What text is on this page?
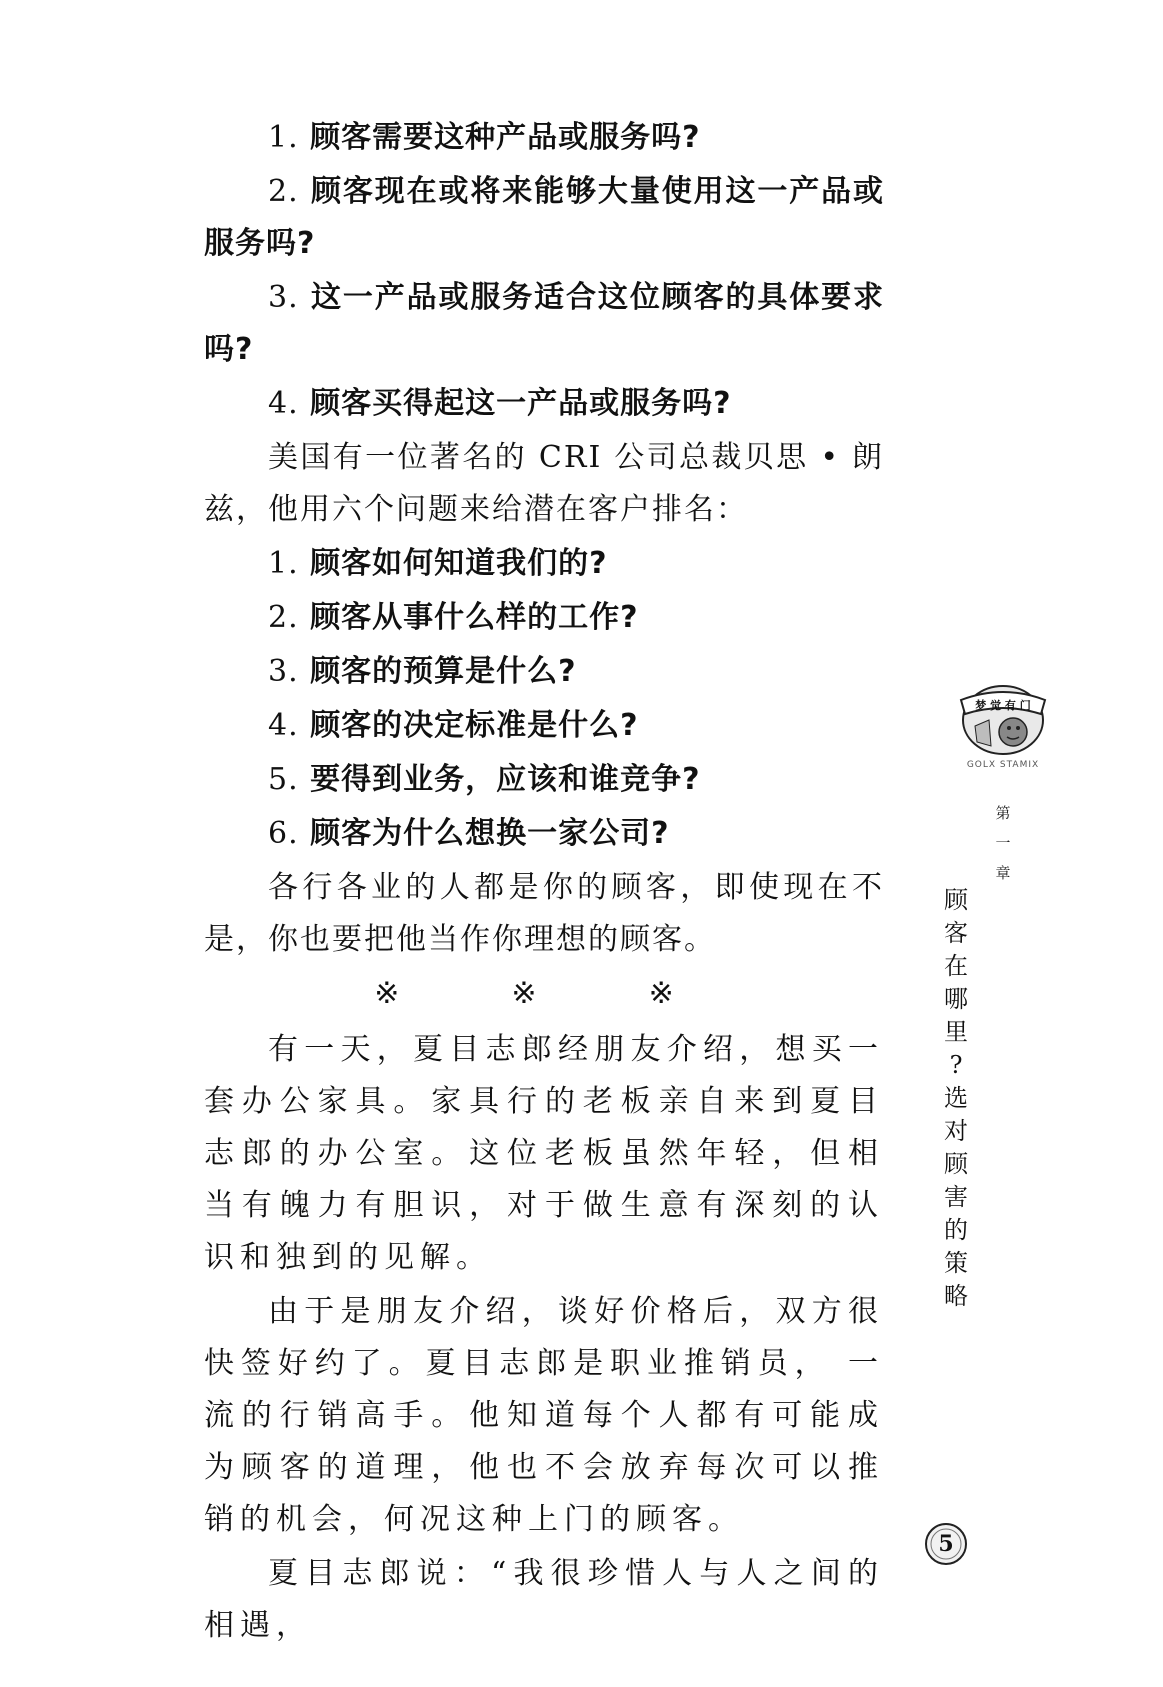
1. 顾客需要这种产品或服务吗?

2. 顾客现在或将来能够大量使用这一产品或服务吗?

3. 这一产品或服务适合这位顾客的具体要求吗?

4. 顾客买得起这一产品或服务吗?

美国有一位著名的 CRI 公司总裁贝思 • 朗兹，他用六个问题来给潜在客户排名：

1. 顾客如何知道我们的?

2. 顾客从事什么样的工作?

3. 顾客的预算是什么?

4. 顾客的决定标准是什么?

5. 要得到业务，应该和谁竞争?

6. 顾客为什么想换一家公司?

各行各业的人都是你的顾客，即使现在不是，你也要把他当作你理想的顾客。

※	※	※

有一天，夏目志郎经朋友介绍，想买一套办公家具。家具行的老板亲自来到夏目志郎的办公室。这位老板虽然年轻，但相当有魄力有胆识，对于做生意有深刻的认识和独到的见解。

由于是朋友介绍，谈好价格后，双方很快签好约了。夏目志郎是职业推销员， 一流的行销高手。他知道每个人都有可能成为顾客的道理，他也不会放弃每次可以推销的机会，何况这种上门的顾客。

夏目志郎说：“我很珍惜人与人之间的相遇，

梦 觉 有 门
GOLX STAMIX
第
一
章
顾
客
在
哪
里
?
选
对
顾
害
的
策
略
5
